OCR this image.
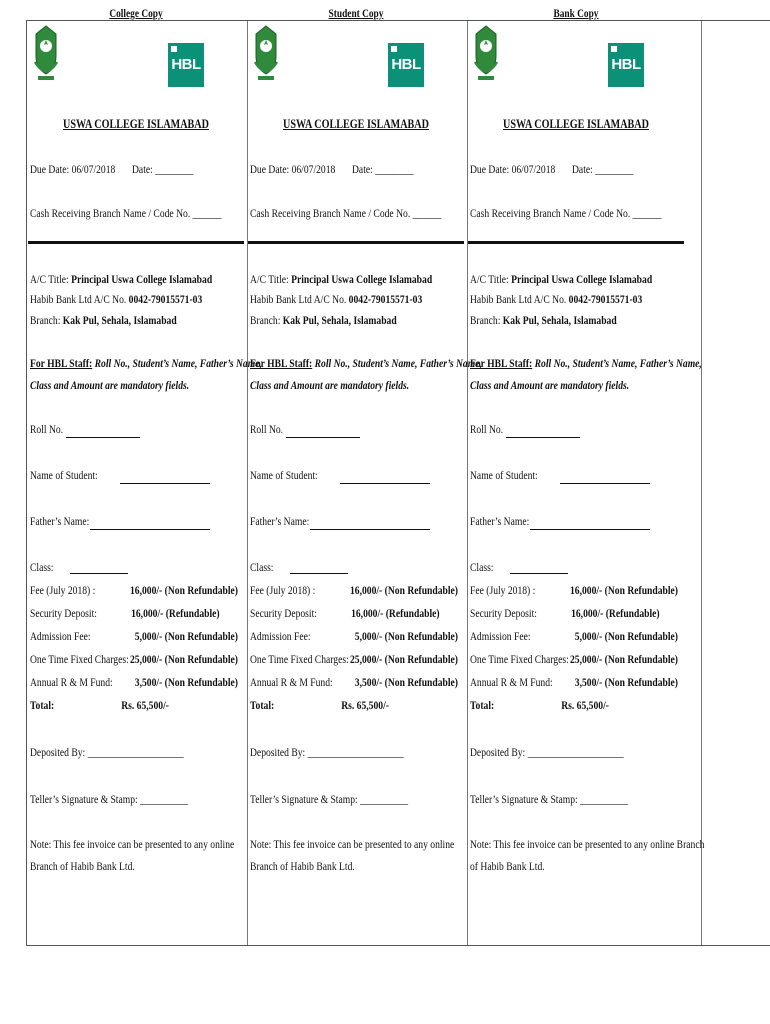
College Copy
HBL
USWA COLLEGE ISLAMABAD
Due Date: 06/07/2018 Date: ________
Cash Receiving Branch Name / Code No. ______
A/C Title: Principal Uswa College Islamabad
Habib Bank Ltd A/C No. 0042-79015571-03
Branch: Kak Pul, Sehala, Islamabad
For HBL Staff: Roll No., Student’s Name, Father’s Name,
Class and Amount are mandatory fields.
Roll No.
Name of Student:
Father’s Name:
Class:
Fee (July 2018) :	16,000/- (Non Refundable)
Security Deposit:	16,000/- (Refundable)
Admission Fee:	5,000/- (Non Refundable)
One Time Fixed Charges: 25,000/- (Non Refundable)
Annual R & M Fund: 3,500/- (Non Refundable)
Total:	Rs. 65,500/-
Deposited By: ____________________
Teller’s Signature & Stamp: __________
Note: This fee invoice can be presented to any online
Branch of Habib Bank Ltd.
Student Copy
HBL
USWA COLLEGE ISLAMABAD
Due Date: 06/07/2018 Date: ________
Cash Receiving Branch Name / Code No. ______
A/C Title: Principal Uswa College Islamabad
Habib Bank Ltd A/C No. 0042-79015571-03
Branch: Kak Pul, Sehala, Islamabad
For HBL Staff: Roll No., Student’s Name, Father’s Name,
Class and Amount are mandatory fields.
Roll No.
Name of Student:
Father’s Name:
Class:
Fee (July 2018) :	16,000/- (Non Refundable)
Security Deposit:	16,000/- (Refundable)
Admission Fee:	5,000/- (Non Refundable)
One Time Fixed Charges: 25,000/- (Non Refundable)
Annual R & M Fund: 3,500/- (Non Refundable)
Total:	Rs. 65,500/-
Deposited By: ____________________
Teller’s Signature & Stamp: __________
Note: This fee invoice can be presented to any online
Branch of Habib Bank Ltd.
Bank Copy
HBL
USWA COLLEGE ISLAMABAD
Due Date: 06/07/2018 Date: ________
Cash Receiving Branch Name / Code No. ______
A/C Title: Principal Uswa College Islamabad
Habib Bank Ltd A/C No. 0042-79015571-03
Branch: Kak Pul, Sehala, Islamabad
For HBL Staff: Roll No., Student’s Name, Father’s Name,
Class and Amount are mandatory fields.
Roll No.
Name of Student:
Father’s Name:
Class:
Fee (July 2018) :	16,000/- (Non Refundable)
Security Deposit:	16,000/- (Refundable)
Admission Fee:	5,000/- (Non Refundable)
One Time Fixed Charges: 25,000/- (Non Refundable)
Annual R & M Fund: 3,500/- (Non Refundable)
Total:	Rs. 65,500/-
Deposited By: ____________________
Teller’s Signature & Stamp: __________
Note: This fee invoice can be presented to any online Branch
of Habib Bank Ltd.
